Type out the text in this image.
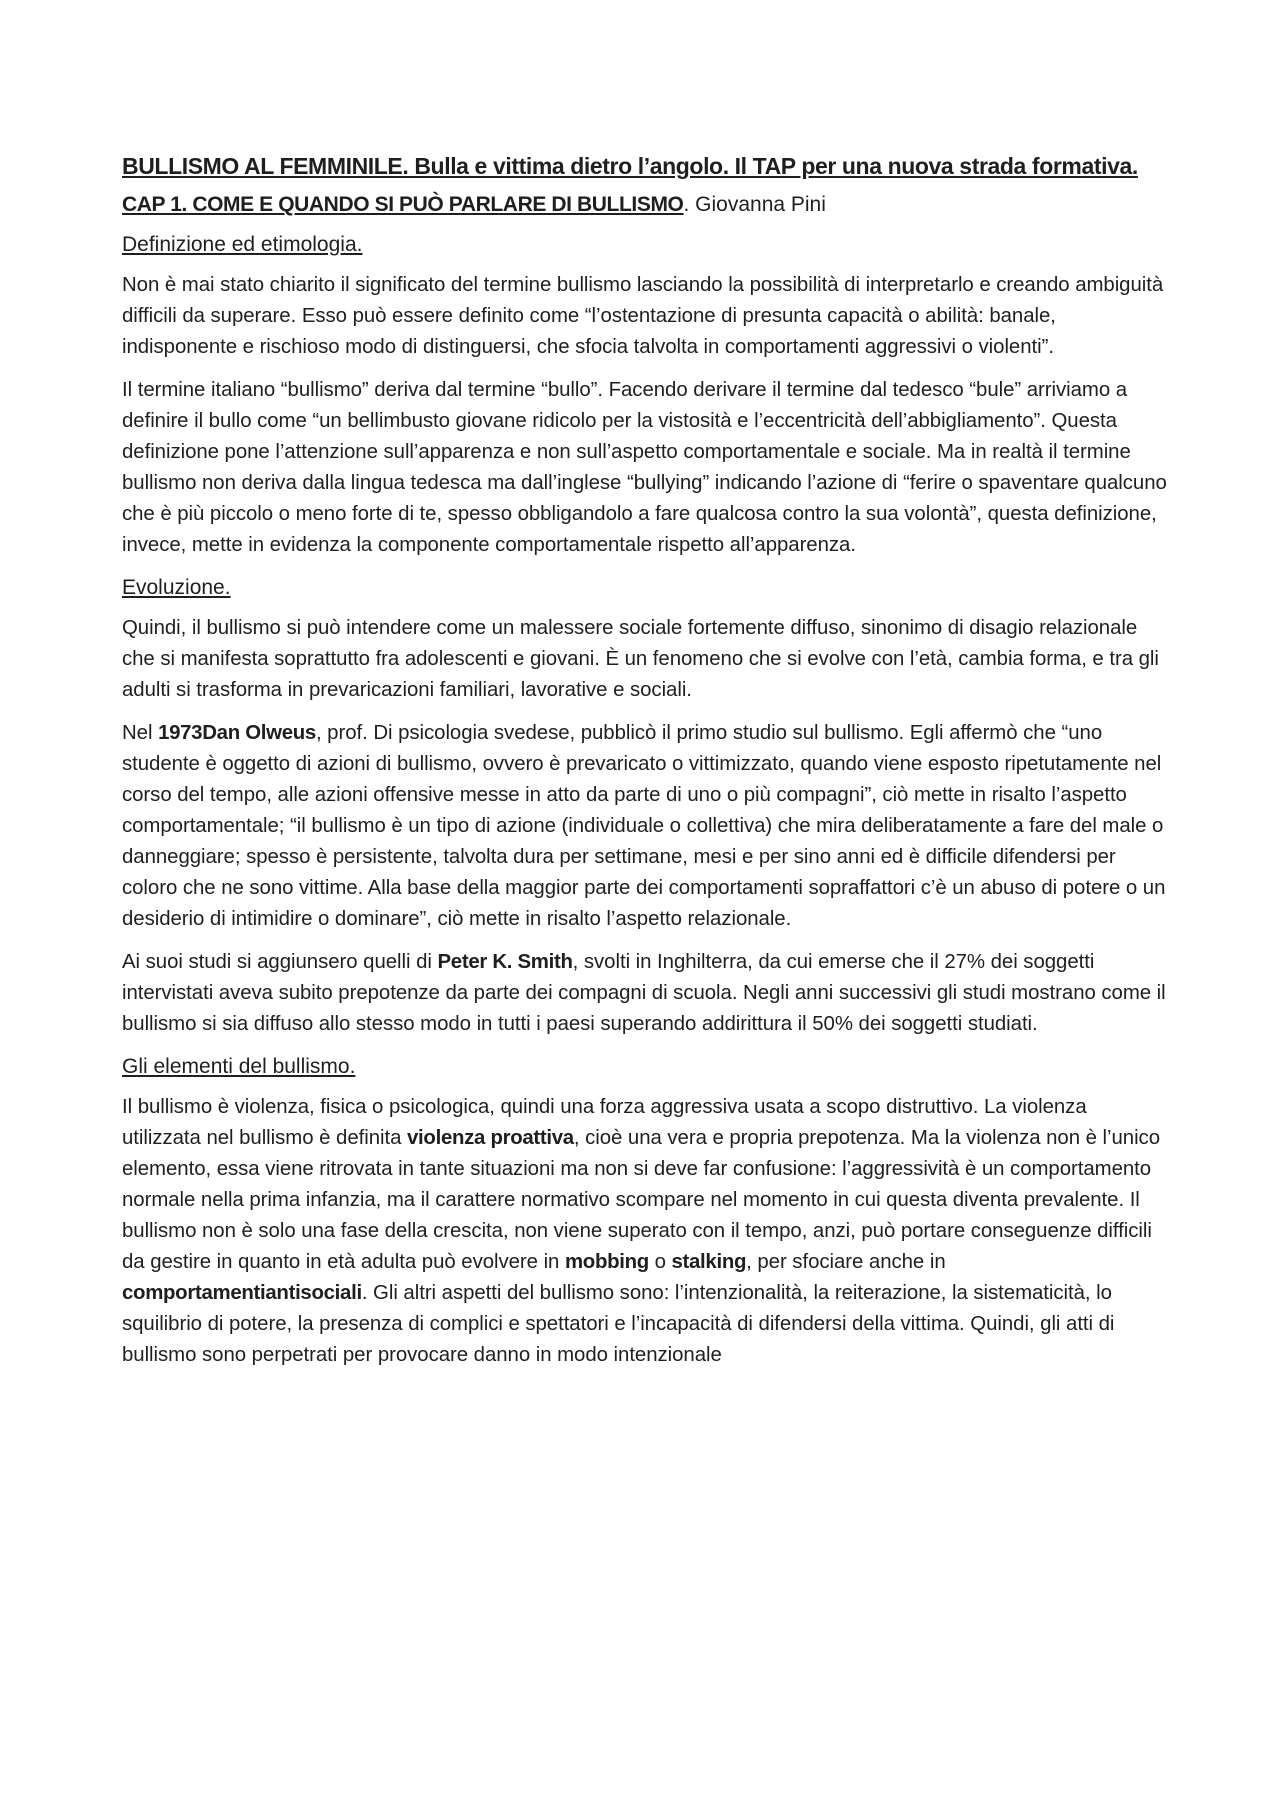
BULLISMO AL FEMMINILE. Bulla e vittima dietro l’angolo. Il TAP per una nuova strada formativa.
CAP 1. COME E QUANDO SI PUÒ PARLARE DI BULLISMO. Giovanna Pini
Definizione ed etimologia.

Non è mai stato chiarito il significato del termine bullismo lasciando la possibilità di interpretarlo e creando ambiguità difficili da superare. Esso può essere definito come “l’ostentazione di presunta capacità o abilità: banale, indisponente e rischioso modo di distinguersi, che sfocia talvolta in comportamenti aggressivi o violenti”.

Il termine italiano “bullismo” deriva dal termine “bullo”. Facendo derivare il termine dal tedesco “bule” arriviamo a definire il bullo come “un bellimbusto giovane ridicolo per la vistosità e l’eccentricità dell’abbigliamento”. Questa definizione pone l’attenzione sull’apparenza e non sull’aspetto comportamentale e sociale. Ma in realtà il termine bullismo non deriva dalla lingua tedesca ma dall’inglese “bullying” indicando l’azione di “ferire o spaventare qualcuno che è più piccolo o meno forte di te, spesso obbligandolo a fare qualcosa contro la sua volontà”, questa definizione, invece, mette in evidenza la componente comportamentale rispetto all’apparenza.

Evoluzione.

Quindi, il bullismo si può intendere come un malessere sociale fortemente diffuso, sinonimo di disagio relazionale che si manifesta soprattutto fra adolescenti e giovani. È un fenomeno che si evolve con l’età, cambia forma, e tra gli adulti si trasforma in prevaricazioni familiari, lavorative e sociali.

Nel 1973Dan Olweus, prof. Di psicologia svedese, pubblicò il primo studio sul bullismo. Egli affermò che “uno studente è oggetto di azioni di bullismo, ovvero è prevaricato o vittimizzato, quando viene esposto ripetutamente nel corso del tempo, alle azioni offensive messe in atto da parte di uno o più compagni”, ciò mette in risalto l’aspetto comportamentale; “il bullismo è un tipo di azione (individuale o collettiva) che mira deliberatamente a fare del male o danneggiare; spesso è persistente, talvolta dura per settimane, mesi e per sino anni ed è difficile difendersi per coloro che ne sono vittime. Alla base della maggior parte dei comportamenti sopraffattori c’è un abuso di potere o un desiderio di intimidire o dominare”, ciò mette in risalto l’aspetto relazionale.

Ai suoi studi si aggiunsero quelli di Peter K. Smith, svolti in Inghilterra, da cui emerse che il 27% dei soggetti intervistati aveva subito prepotenze da parte dei compagni di scuola. Negli anni successivi gli studi mostrano come il bullismo si sia diffuso allo stesso modo in tutti i paesi superando addirittura il 50% dei soggetti studiati.

Gli elementi del bullismo.

Il bullismo è violenza, fisica o psicologica, quindi una forza aggressiva usata a scopo distruttivo. La violenza utilizzata nel bullismo è definita violenza proattiva, cioè una vera e propria prepotenza. Ma la violenza non è l’unico elemento, essa viene ritrovata in tante situazioni ma non si deve far confusione: l’aggressività è un comportamento normale nella prima infanzia, ma il carattere normativo scompare nel momento in cui questa diventa prevalente. Il bullismo non è solo una fase della crescita, non viene superato con il tempo, anzi, può portare conseguenze difficili da gestire in quanto in età adulta può evolvere in mobbing o stalking, per sfociare anche in comportamentiantisociali. Gli altri aspetti del bullismo sono: l’intenzionalità, la reiterazione, la sistematicità, lo squilibrio di potere, la presenza di complici e spettatori e l’incapacità di difendersi della vittima. Quindi, gli atti di bullismo sono perpetrati per provocare danno in modo intenzionale
